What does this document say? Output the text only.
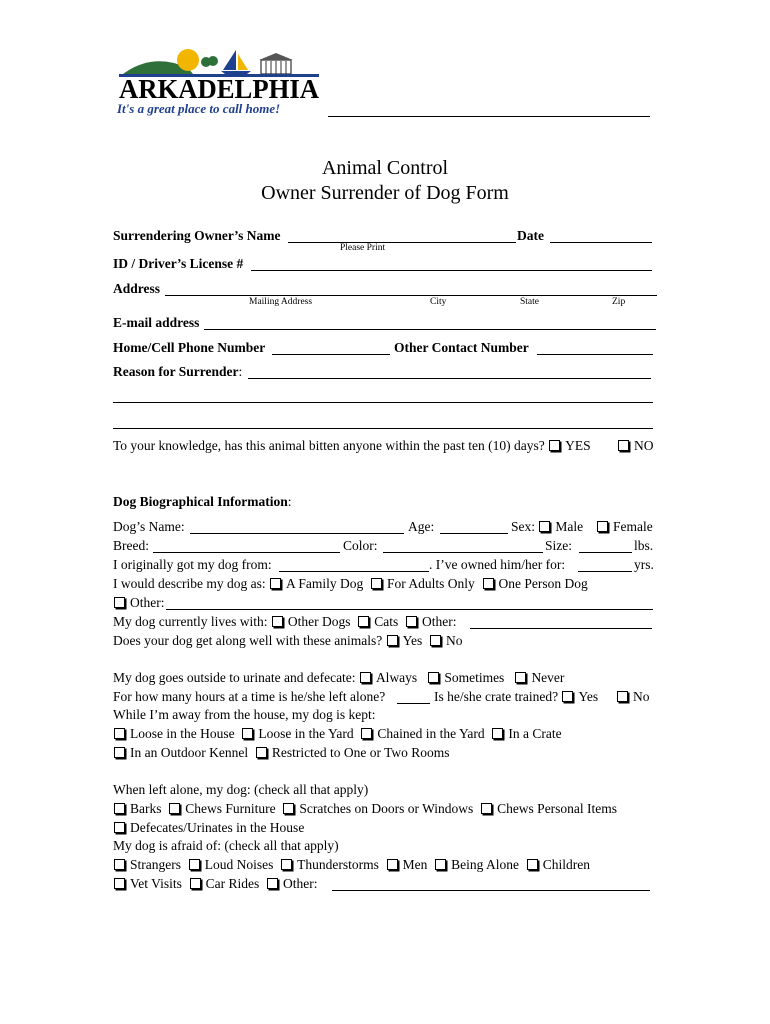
ARKADELPHIA
It's a great place to call home!
Animal Control
Owner Surrender of Dog Form
Surrendering Owner’s Name	Date
Please Print
ID / Driver’s License #
Address
Mailing Address	City	State	Zip
E-mail address
Home/Cell Phone Number	Other Contact Number
Reason for Surrender:
To your knowledge, has this animal bitten anyone within the past ten (10) days? YES	NO
Dog Biographical Information:
Dog’s Name:	Age:	Sex: Male	Female
Breed:	Color:	Size:	lbs.
I originally got my dog from:	. I’ve owned him/her for:	yrs.
I would describe my dog as: A Family Dog For Adults Only One Person Dog
Other:
My dog currently lives with: Other Dogs Cats Other:
Does your dog get along well with these animals? Yes No
My dog goes outside to urinate and defecate: Always Sometimes Never
For how many hours at a time is he/she left alone?	Is he/she crate trained? Yes	No
While I’m away from the house, my dog is kept:
Loose in the House Loose in the Yard Chained in the Yard In a Crate
In an Outdoor Kennel Restricted to One or Two Rooms
When left alone, my dog: (check all that apply)
Barks Chews Furniture Scratches on Doors or Windows Chews Personal Items
Defecates/Urinates in the House
My dog is afraid of: (check all that apply)
Strangers Loud Noises Thunderstorms Men Being Alone Children
Vet Visits Car Rides Other:
